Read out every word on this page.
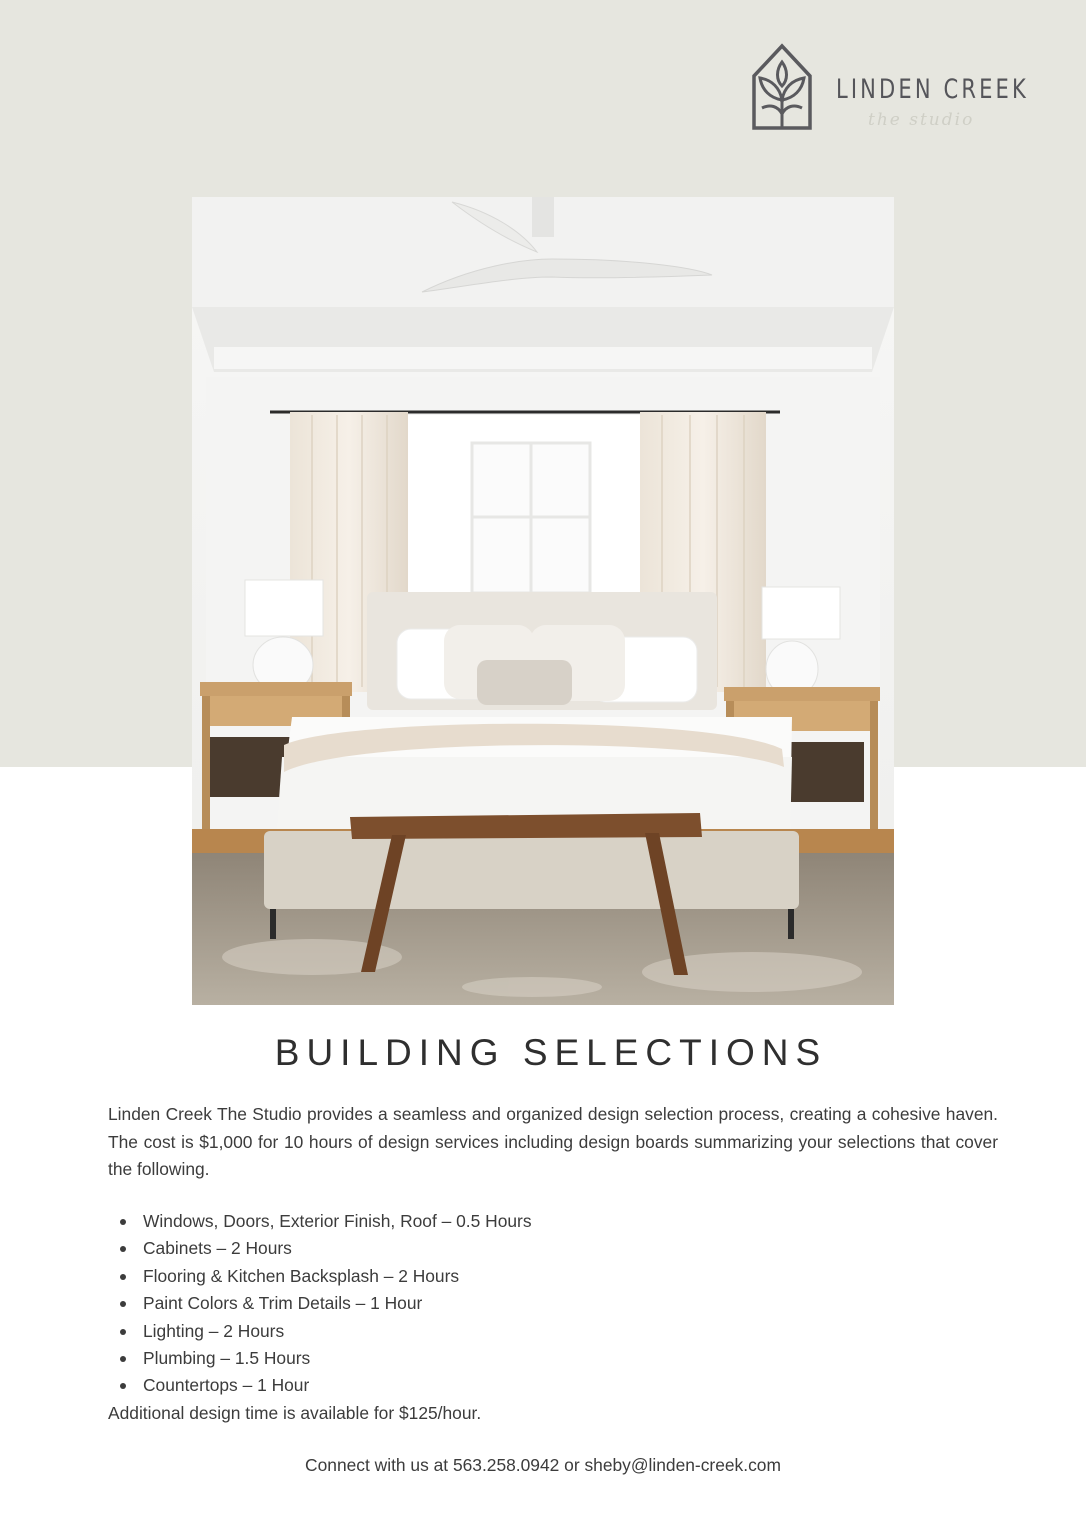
LINDEN CREEK
the studio
BUILDING SELECTIONS

Linden Creek The Studio provides a seamless and organized design selection process, creating a cohesive haven. The cost is $1,000 for 10 hours of design services including design boards summarizing your selections that cover the following.

Windows, Doors, Exterior Finish, Roof – 0.5 Hours
Cabinets – 2 Hours
Flooring & Kitchen Backsplash – 2 Hours
Paint Colors & Trim Details – 1 Hour
Lighting – 2 Hours
Plumbing – 1.5 Hours
Countertops – 1 Hour

Additional design time is available for $125/hour.

Connect with us at 563.258.0942 or sheby@linden-creek.com
